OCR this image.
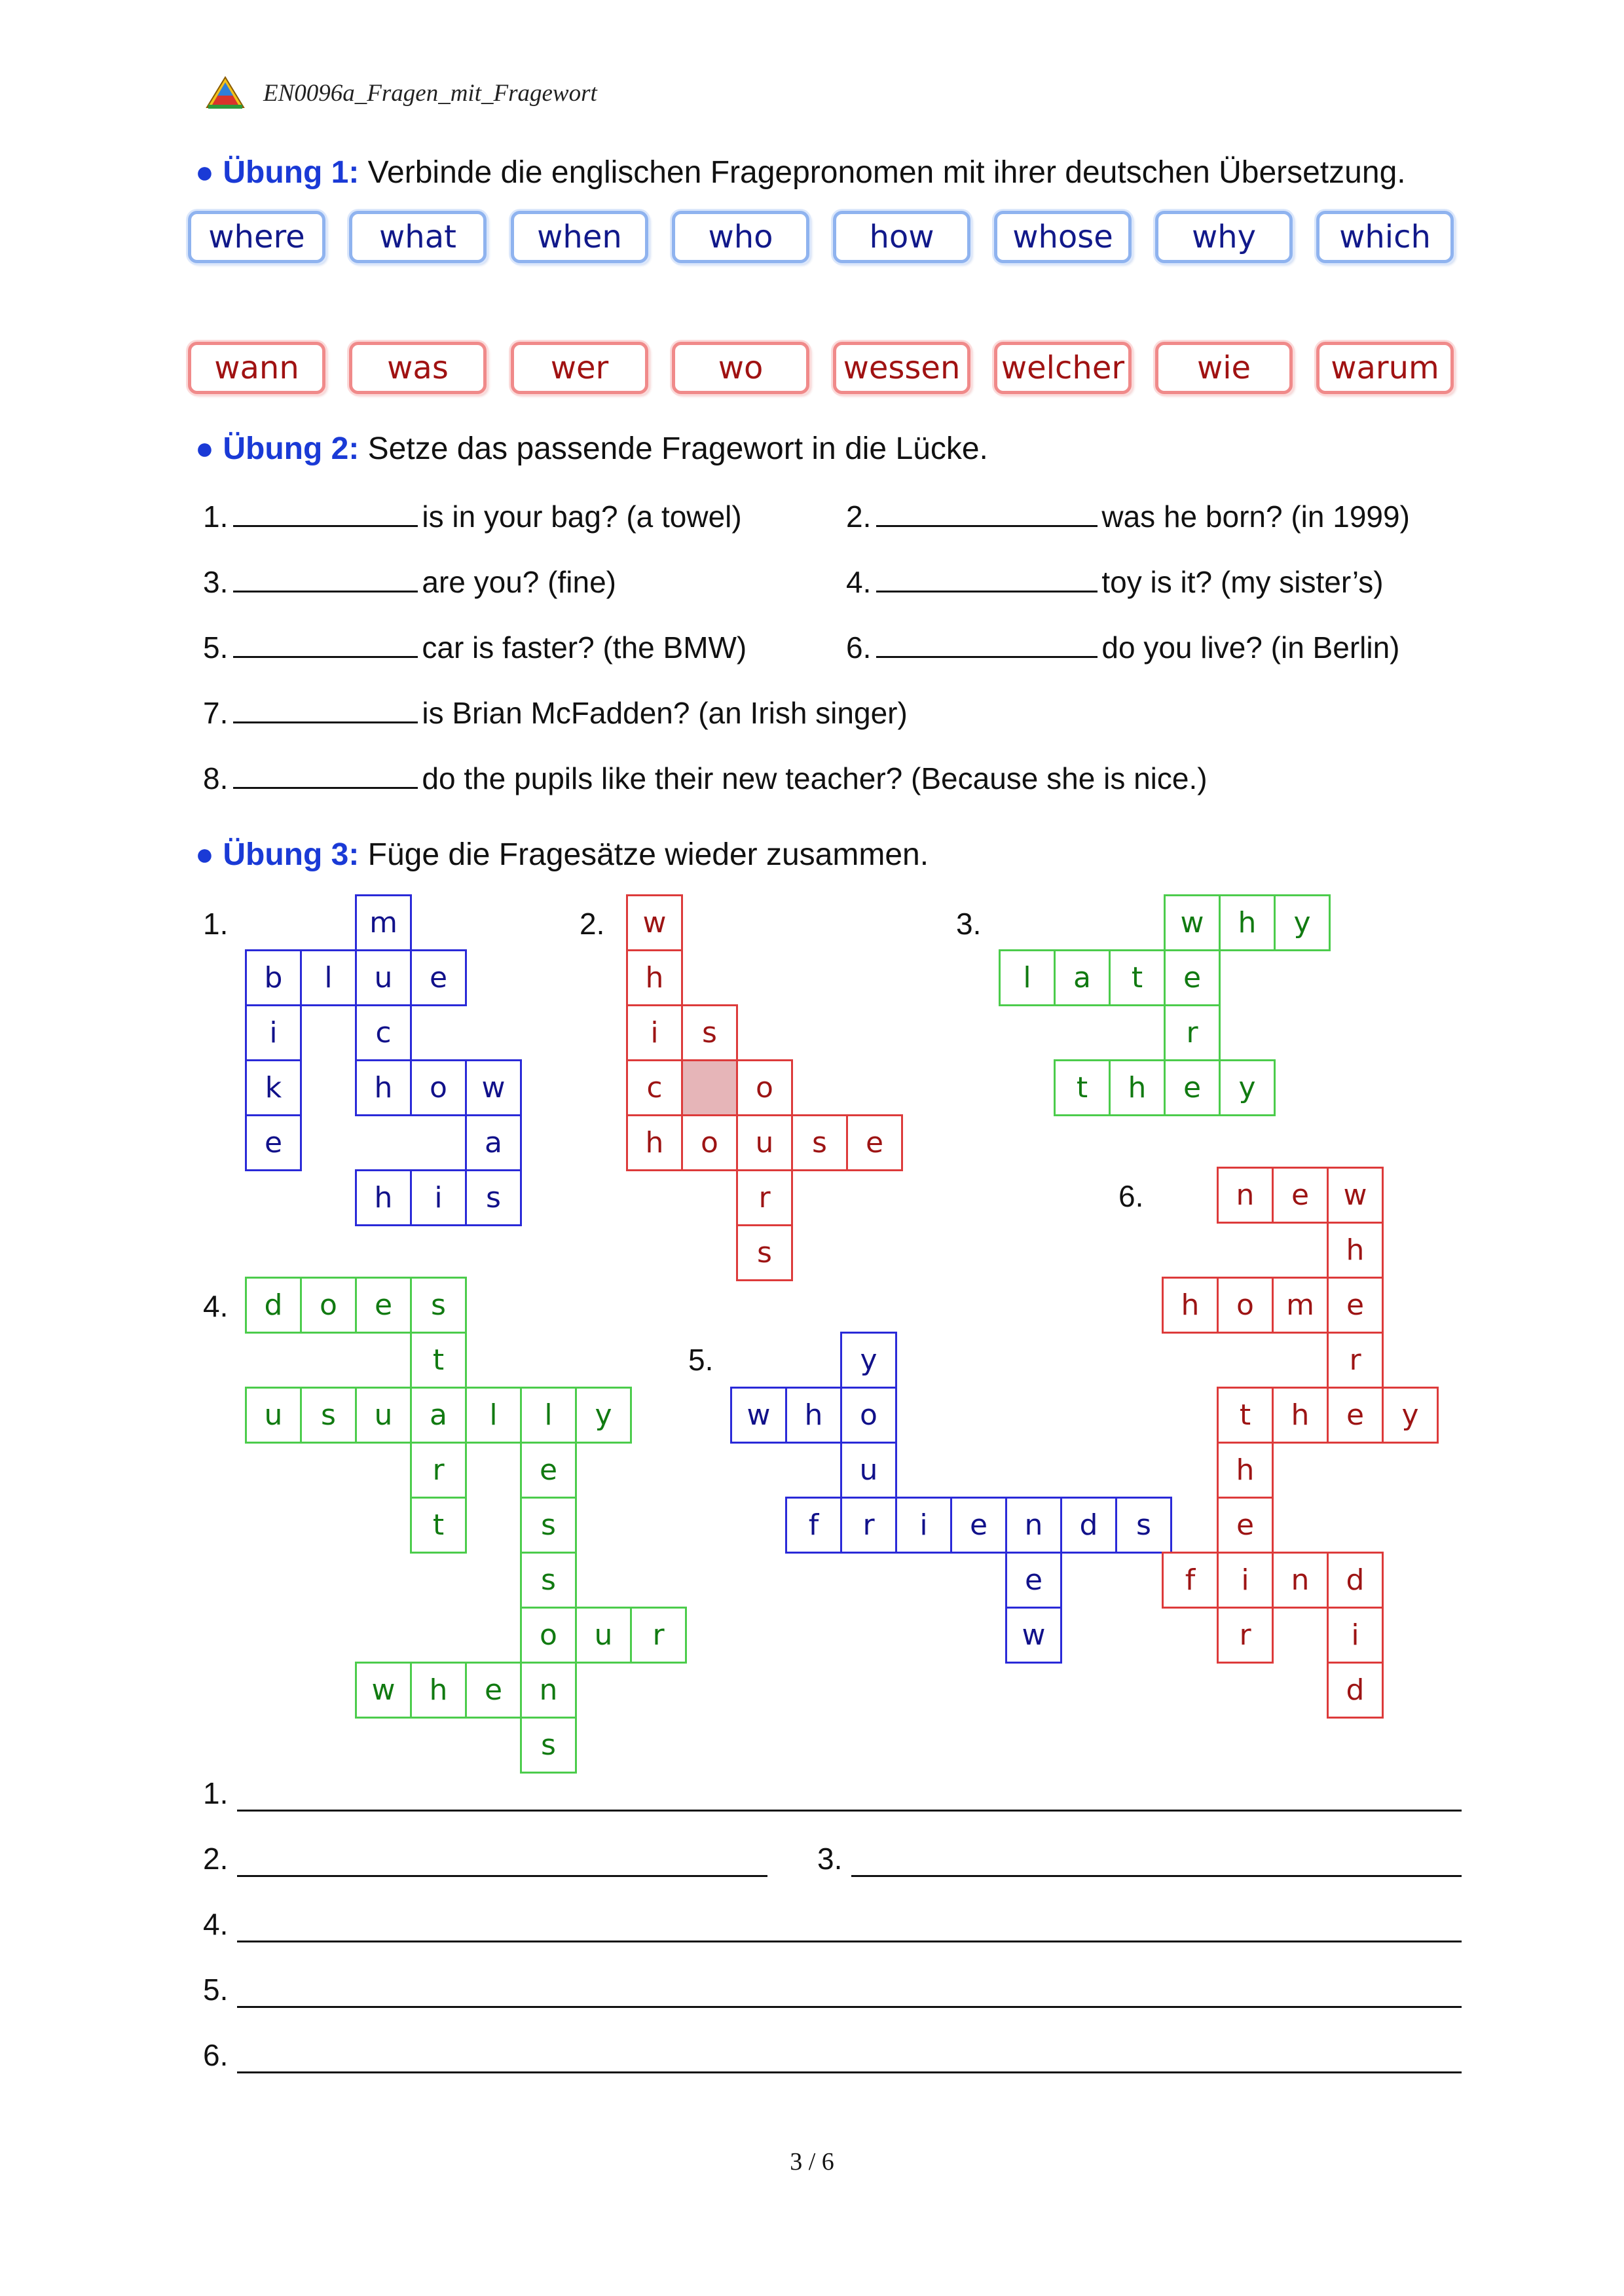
EN0096a_Fragen_mit_Fragewort
● Übung 1: Verbinde die englischen Fragepronomen mit ihrer deutschen Übersetzung.
where	what	when	who	how	whose	why	which
wann	was	wer	wo	wessen	welcher	wie	warum
● Übung 2: Setze das passende Fragewort in die Lücke.
1.	is in your bag? (a towel)	2.	was he born? (in 1999)
3.	are you? (fine)	4.	toy is it? (my sister’s)
5.	car is faster? (the BMW)	6.	do you live? (in Berlin)
7.	is Brian McFadden? (an Irish singer)
8.	do the pupils like their new teacher? (Because she is nice.)
● Übung 3: Füge die Fragesätze wieder zusammen.
1.	2.	3.
4.
5.
6.
b	l	u	e
i
k
e
m
c
h	o	w
a
s
h	i
w
h
i
c
h
s
o	u	s	e
o
r
s
w	h	y
l	a	t	e
r
e
t	h	y
d	o	e	s
t
a
r
t
u	s	u	l	l	y
e
s
s
o
n
s
u	r
w	h	e
y
o
u
w	h
f	r	i	e	n	d	s
e
w
n	e	w
h
e
r
e
h	o	m
t	h	y
h
e
i
r
f	n	d
i
d
1.
2.	3.
4.
5.
6.
3 / 6
